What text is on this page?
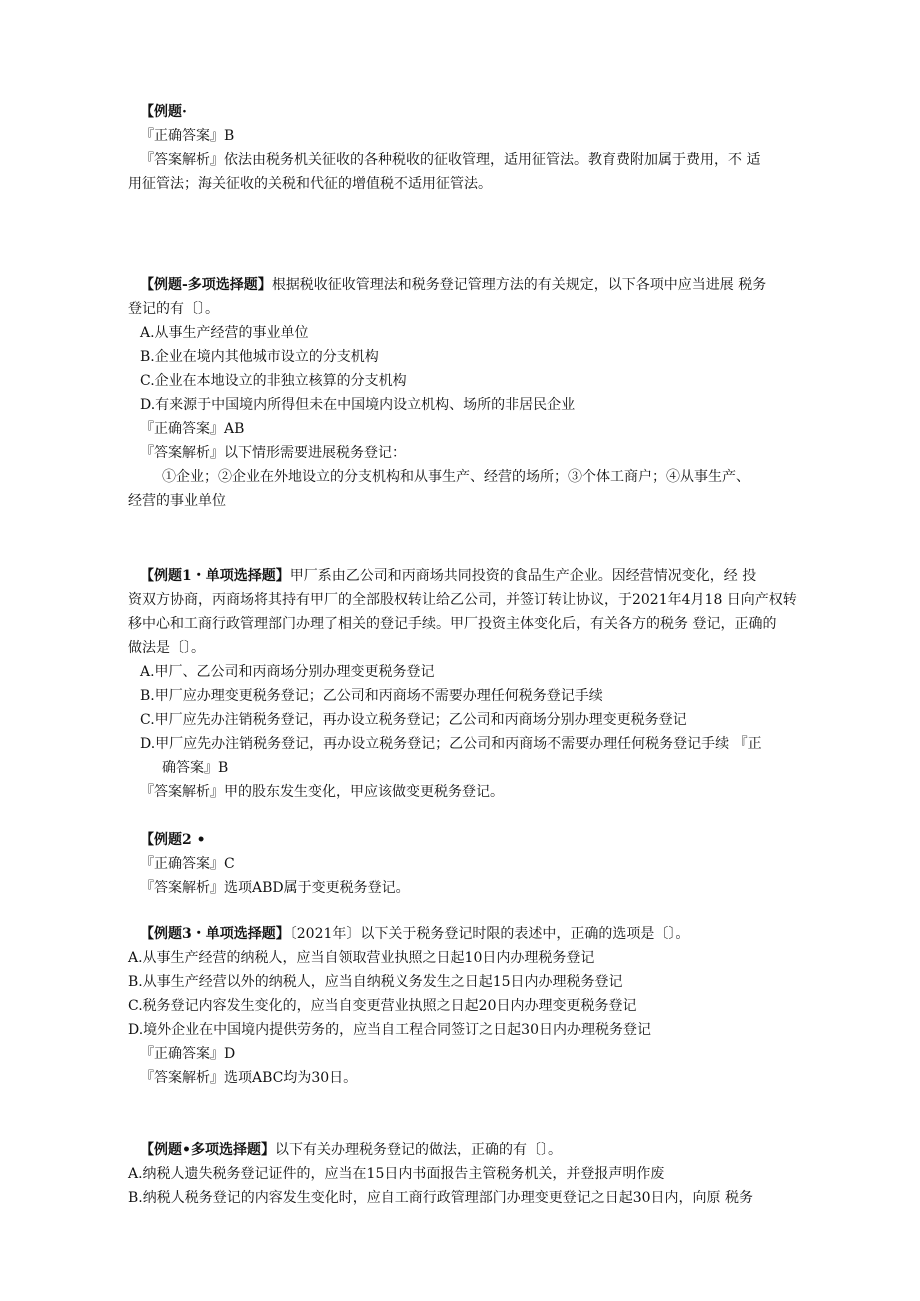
【例题·
『正确答案』B
『答案解析』依法由税务机关征收的各种税收的征收管理，适用征管法。教育费附加属于费用，不 适
用征管法；海关征收的关税和代征的增值税不适用征管法。
【例题-多项选择题】根据税收征收管理法和税务登记管理方法的有关规定，以下各项中应当进展 税务
登记的有〔〕。
A.从事生产经营的事业单位
B.企业在境内其他城市设立的分支机构
C.企业在本地设立的非独立核算的分支机构
D.有来源于中国境内所得但未在中国境内设立机构、场所的非居民企业
『正确答案』AB
『答案解析』以下情形需要进展税务登记：
①企业；②企业在外地设立的分支机构和从事生产、经营的场所；③个体工商户；④从事生产、
经营的事业单位
【例题1・单项选择题】甲厂系由乙公司和丙商场共同投资的食品生产企业。因经营情况变化，经 投
资双方协商，丙商场将其持有甲厂的全部股权转让给乙公司，并签订转让协议，于2021年4月18 日向产权转
移中心和工商行政管理部门办理了相关的登记手续。甲厂投资主体变化后，有关各方的税务 登记，正确的
做法是〔〕。
A.甲厂、乙公司和丙商场分别办理变更税务登记
B.甲厂应办理变更税务登记；乙公司和丙商场不需要办理任何税务登记手续
C.甲厂应先办注销税务登记，再办设立税务登记；乙公司和丙商场分别办理变更税务登记
D.甲厂应先办注销税务登记，再办设立税务登记；乙公司和丙商场不需要办理任何税务登记手续 『正
确答案』B
『答案解析』甲的股东发生变化，甲应该做变更税务登记。
【例题2 •
『正确答案』C
『答案解析』选项ABD属于变更税务登记。
【例题3・单项选择题】〔2021年〕以下关于税务登记时限的表述中，正确的选项是〔〕。
A.从事生产经营的纳税人，应当自领取营业执照之日起10日内办理税务登记
B.从事生产经营以外的纳税人，应当自纳税义务发生之日起15日内办理税务登记
C.税务登记内容发生变化的，应当自变更营业执照之日起20日内办理变更税务登记
D.境外企业在中国境内提供劳务的，应当自工程合同签订之日起30日内办理税务登记
『正确答案』D
『答案解析』选项ABC均为30日。
【例题•多项选择题】以下有关办理税务登记的做法，正确的有〔〕。
A.纳税人遗失税务登记证件的，应当在15日内书面报告主管税务机关，并登报声明作废
B.纳税人税务登记的内容发生变化时，应自工商行政管理部门办理变更登记之日起30日内，向原 税务
